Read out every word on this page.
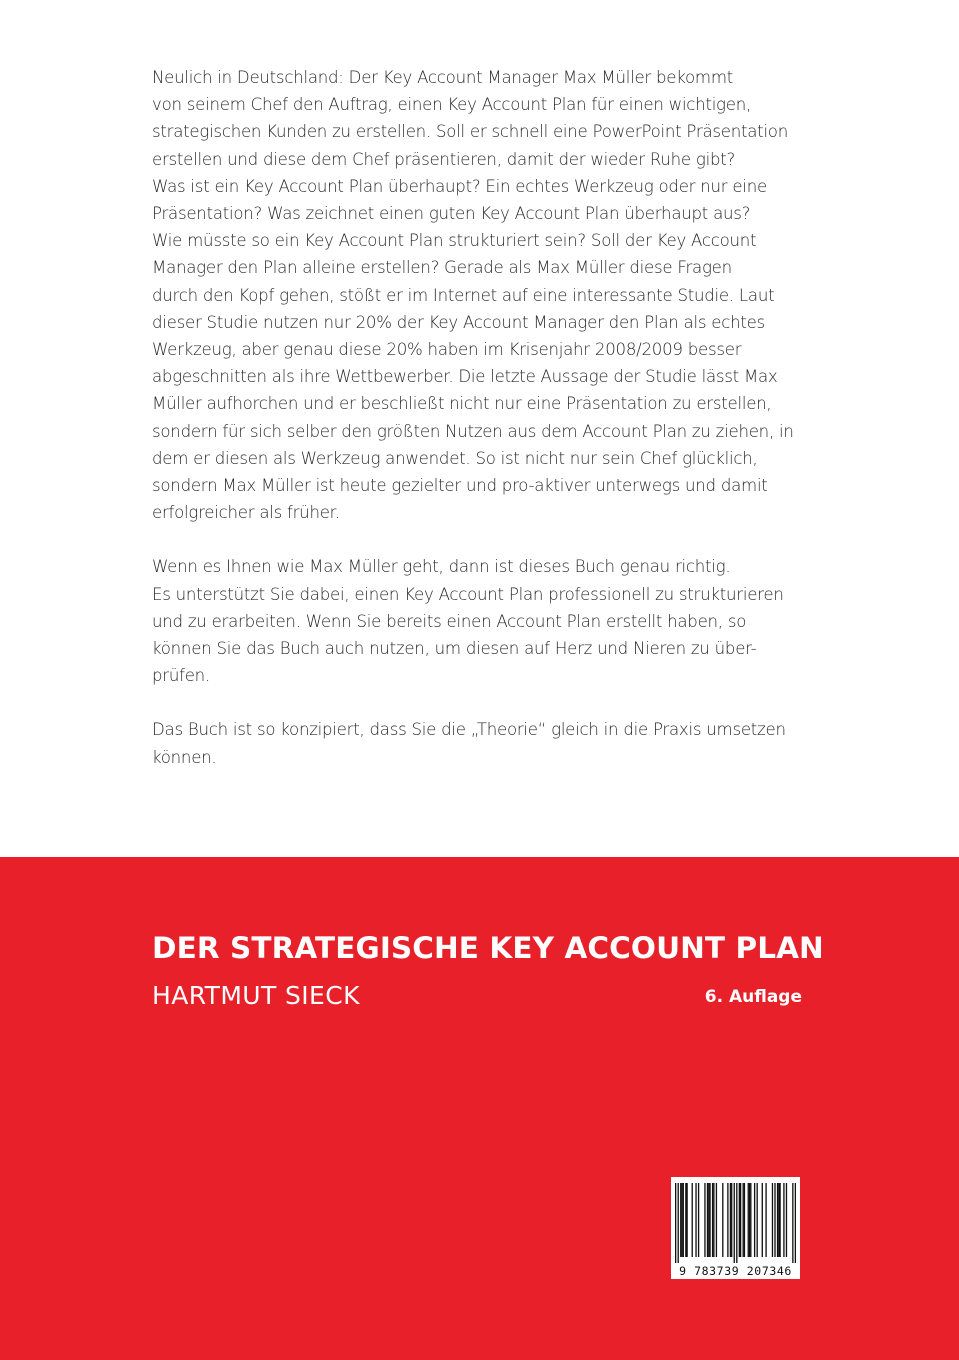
Neulich in Deutschland: Der Key Account Manager Max Müller bekommt
von seinem Chef den Auftrag, einen Key Account Plan für einen wichtigen,
strategischen Kunden zu erstellen. Soll er schnell eine PowerPoint Präsentation
erstellen und diese dem Chef präsentieren, damit der wieder Ruhe gibt?
Was ist ein Key Account Plan überhaupt? Ein echtes Werkzeug oder nur eine
Präsentation? Was zeichnet einen guten Key Account Plan überhaupt aus?
Wie müsste so ein Key Account Plan strukturiert sein? Soll der Key Account
Manager den Plan alleine erstellen? Gerade als Max Müller diese Fragen
durch den Kopf gehen, stößt er im Internet auf eine interessante Studie. Laut
dieser Studie nutzen nur 20% der Key Account Manager den Plan als echtes
Werkzeug, aber genau diese 20% haben im Krisenjahr 2008/2009 besser
abgeschnitten als ihre Wettbewerber. Die letzte Aussage der Studie lässt Max
Müller aufhorchen und er beschließt nicht nur eine Präsentation zu erstellen,
sondern für sich selber den größten Nutzen aus dem Account Plan zu ziehen, in
dem er diesen als Werkzeug anwendet. So ist nicht nur sein Chef glücklich,
sondern Max Müller ist heute gezielter und pro-aktiver unterwegs und damit
erfolgreicher als früher.

Wenn es Ihnen wie Max Müller geht, dann ist dieses Buch genau richtig.
Es unterstützt Sie dabei, einen Key Account Plan professionell zu strukturieren
und zu erarbeiten. Wenn Sie bereits einen Account Plan erstellt haben, so
können Sie das Buch auch nutzen, um diesen auf Herz und Nieren zu über-
prüfen.

Das Buch ist so konzipiert, dass Sie die „Theorie“ gleich in die Praxis umsetzen
können.

DER STRATEGISCHE KEY ACCOUNT PLAN
HARTMUT SIECK	6. Auflage
9 783739 207346
